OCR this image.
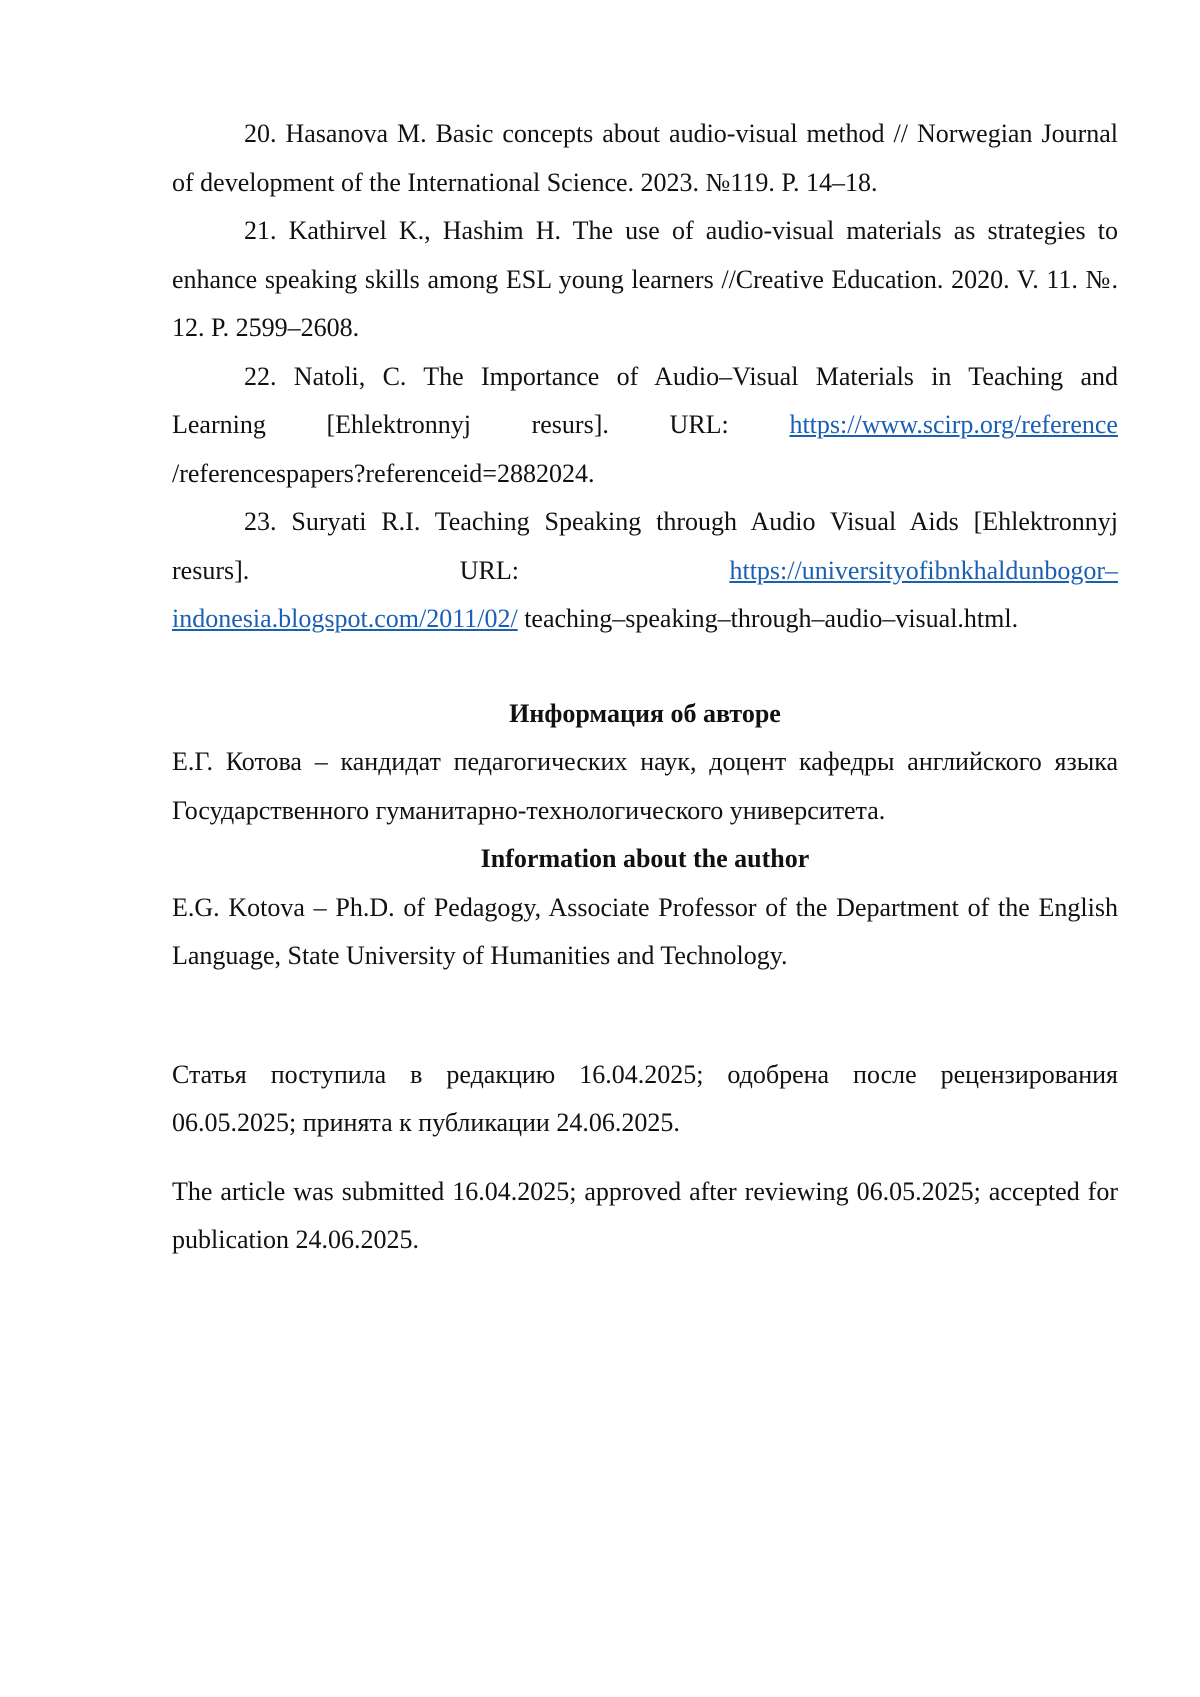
20. Hasanova M. Basic concepts about audio-visual method // Norwegian Journal of development of the International Science. 2023. №119. P. 14–18.

21. Kathirvel K., Hashim H. The use of audio-visual materials as strategies to enhance speaking skills among ESL young learners //Creative Education. 2020. V. 11. №. 12. P. 2599–2608.

22. Natoli, C. The Importance of Audio–Visual Materials in Teaching and

Learning [Ehlektronnyj resurs]. URL: https://www.scirp.org/reference

/referencespapers?referenceid=2882024.

23. Suryati R.I. Teaching Speaking through Audio Visual Aids [Ehlektronnyj

resurs].	URL:	https://universityofibnkhaldunbogor–

indonesia.blogspot.com/2011/02/ teaching–speaking–through–audio–visual.html.

Информация об авторе

Е.Г. Котова – кандидат педагогических наук, доцент кафедры английского языка Государственного гуманитарно-технологического университета.

Information about the author

E.G. Kotova – Ph.D. of Pedagogy, Associate Professor of the Department of the English Language, State University of Humanities and Technology.

Статья поступила в редакцию 16.04.2025; одобрена после рецензирования 06.05.2025; принята к публикации 24.06.2025.

The article was submitted 16.04.2025; approved after reviewing 06.05.2025; accepted for publication 24.06.2025.
